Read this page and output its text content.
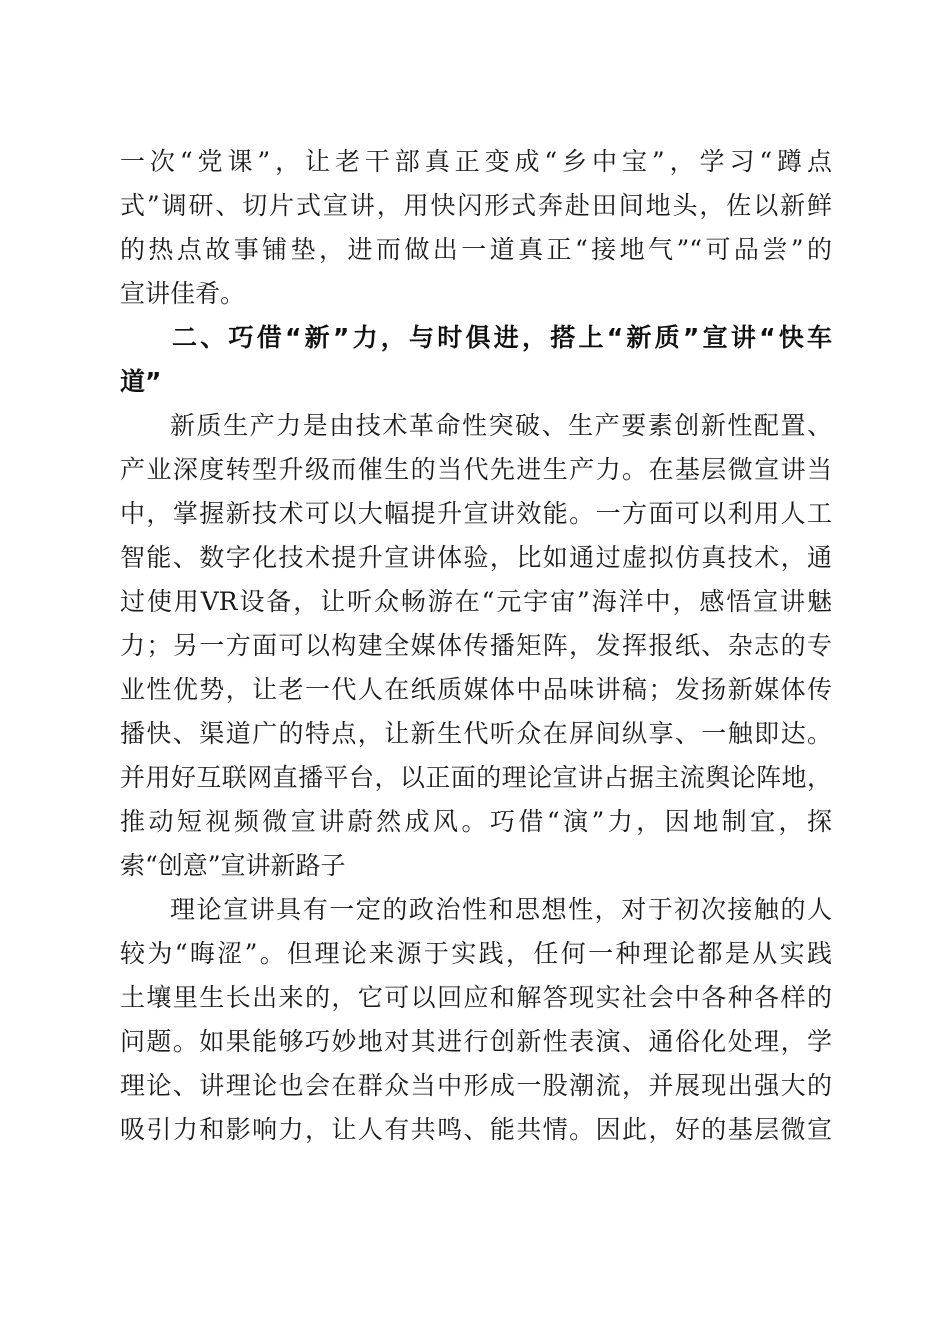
一次“党课”，让老干部真正变成“乡中宝”，学习“蹲点
式”调研、切片式宣讲，用快闪形式奔赴田间地头，佐以新鲜
的热点故事铺垫，进而做出一道真正“接地气”“可品尝”的
宣讲佳肴。
二、巧借“新”力，与时俱进，搭上“新质”宣讲“快车
道”
新质生产力是由技术革命性突破、生产要素创新性配置、
产业深度转型升级而催生的当代先进生产力。在基层微宣讲当
中，掌握新技术可以大幅提升宣讲效能。一方面可以利用人工
智能、数字化技术提升宣讲体验，比如通过虚拟仿真技术，通
过使用VR设备，让听众畅游在“元宇宙”海洋中，感悟宣讲魅
力；另一方面可以构建全媒体传播矩阵，发挥报纸、杂志的专
业性优势，让老一代人在纸质媒体中品味讲稿；发扬新媒体传
播快、渠道广的特点，让新生代听众在屏间纵享、一触即达。
并用好互联网直播平台，以正面的理论宣讲占据主流舆论阵地，
推动短视频微宣讲蔚然成风。巧借“演”力，因地制宜，探
索“创意”宣讲新路子
理论宣讲具有一定的政治性和思想性，对于初次接触的人
较为“晦涩”。但理论来源于实践，任何一种理论都是从实践
土壤里生长出来的，它可以回应和解答现实社会中各种各样的
问题。如果能够巧妙地对其进行创新性表演、通俗化处理，学
理论、讲理论也会在群众当中形成一股潮流，并展现出强大的
吸引力和影响力，让人有共鸣、能共情。因此，好的基层微宣
